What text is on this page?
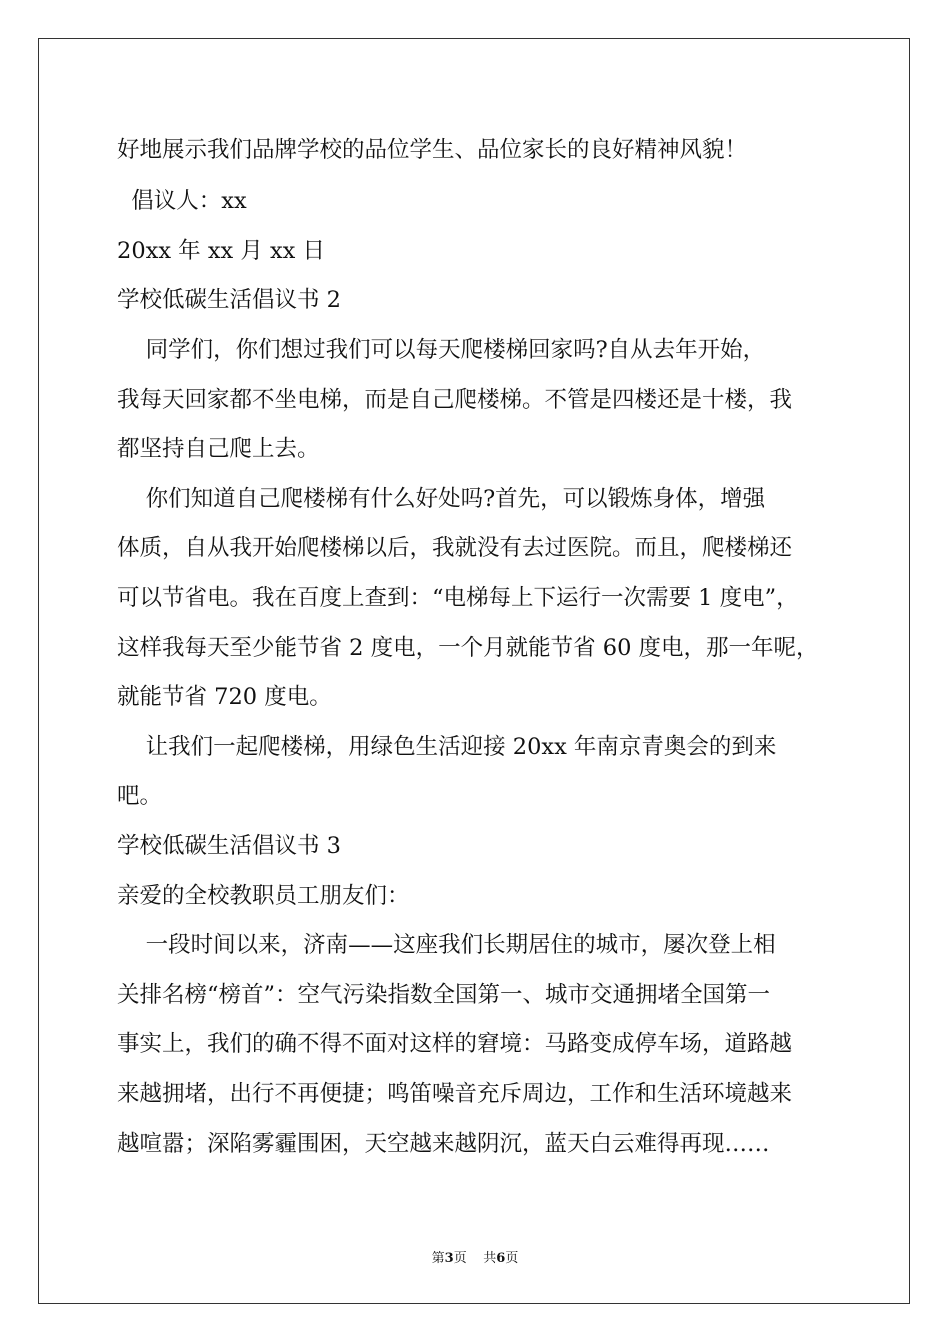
好地展示我们品牌学校的品位学生、品位家长的良好精神风貌！
倡议人：xx
20xx 年 xx 月 xx 日
学校低碳生活倡议书 2
同学们，你们想过我们可以每天爬楼梯回家吗?自从去年开始，
我每天回家都不坐电梯，而是自己爬楼梯。不管是四楼还是十楼，我
都坚持自己爬上去。
你们知道自己爬楼梯有什么好处吗?首先，可以锻炼身体，增强
体质，自从我开始爬楼梯以后，我就没有去过医院。而且，爬楼梯还
可以节省电。我在百度上查到：“电梯每上下运行一次需要 1 度电”，
这样我每天至少能节省 2 度电，一个月就能节省 60 度电，那一年呢，
就能节省 720 度电。
让我们一起爬楼梯，用绿色生活迎接 20xx 年南京青奥会的到来
吧。
学校低碳生活倡议书 3
亲爱的全校教职员工朋友们：
一段时间以来，济南——这座我们长期居住的城市，屡次登上相
关排名榜“榜首”：空气污染指数全国第一、城市交通拥堵全国第一
事实上，我们的确不得不面对这样的窘境：马路变成停车场，道路越
来越拥堵，出行不再便捷；鸣笛噪音充斥周边，工作和生活环境越来
越喧嚣；深陷雾霾围困，天空越来越阴沉，蓝天白云难得再现……
第3页 共6页
